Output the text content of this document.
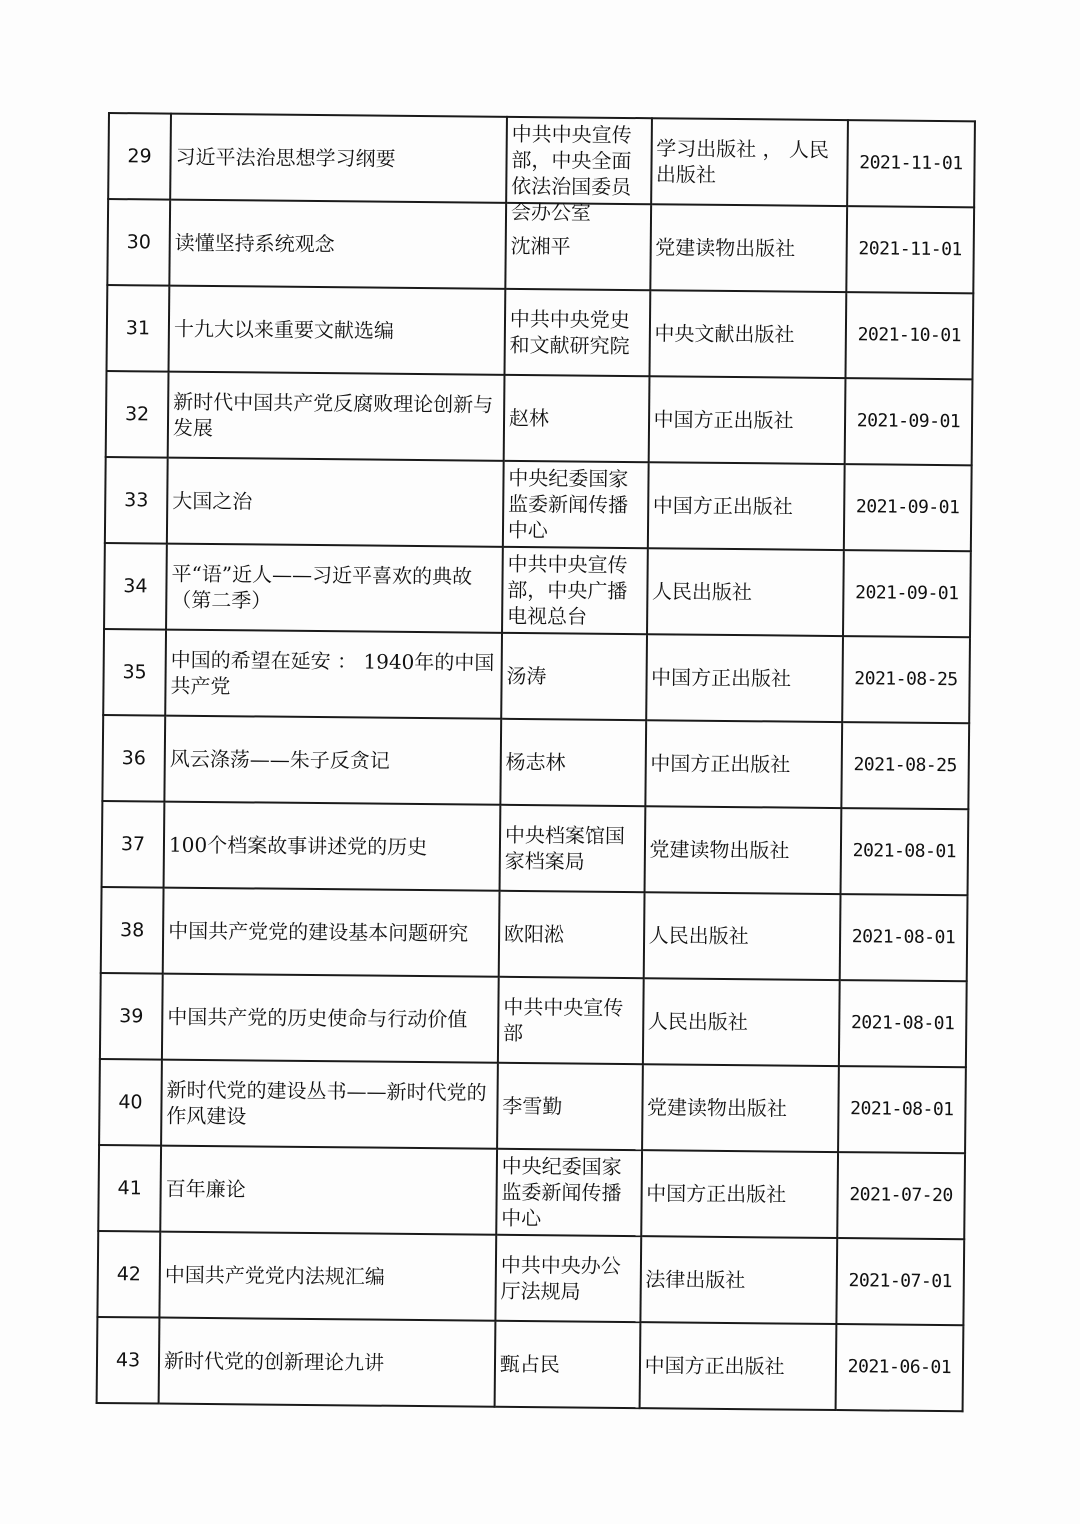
29	习近平法治思想学习纲要	中共中央宣传部，中央全面依法治国委员会办公室	学习出版社 ， 人民出版社	2021-11-01
30	读懂坚持系统观念	沈湘平	党建读物出版社	2021-11-01
31	十九大以来重要文献选编	中共中央党史和文献研究院	中央文献出版社	2021-10-01
32	新时代中国共产党反腐败理论创新与发展	赵林	中国方正出版社	2021-09-01
33	大国之治	中央纪委国家监委新闻传播中心	中国方正出版社	2021-09-01
34	平“语”近人——习近平喜欢的典故（第二季）	中共中央宣传部，中央广播电视总台	人民出版社	2021-09-01
35	中国的希望在延安 ： 1940年的中国共产党	汤涛	中国方正出版社	2021-08-25
36	风云涤荡——朱子反贪记	杨志林	中国方正出版社	2021-08-25
37	100个档案故事讲述党的历史	中央档案馆国家档案局	党建读物出版社	2021-08-01
38	中国共产党党的建设基本问题研究	欧阳淞	人民出版社	2021-08-01
39	中国共产党的历史使命与行动价值	中共中央宣传部	人民出版社	2021-08-01
40	新时代党的建设丛书——新时代党的作风建设	李雪勤	党建读物出版社	2021-08-01
41	百年廉论	中央纪委国家监委新闻传播中心	中国方正出版社	2021-07-20
42	中国共产党党内法规汇编	中共中央办公厅法规局	法律出版社	2021-07-01
43	新时代党的创新理论九讲	甄占民	中国方正出版社	2021-06-01
